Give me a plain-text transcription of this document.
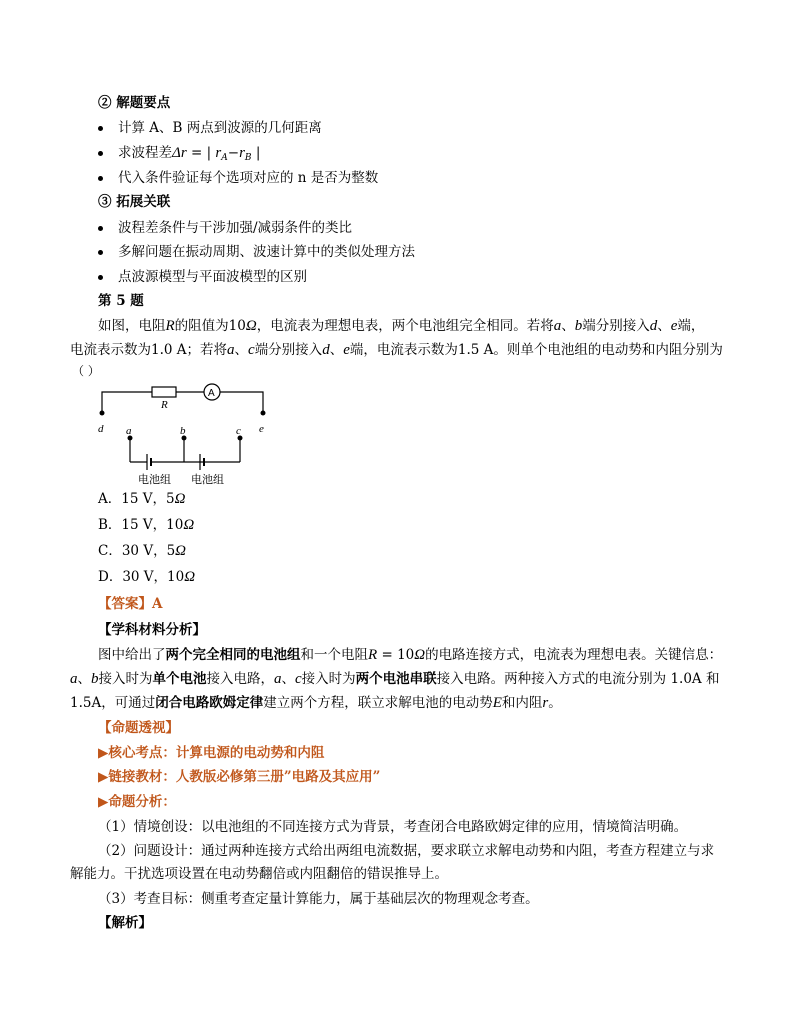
② 解题要点
计算 A、B 两点到波源的几何距离
求波程差Δr = | $r_A-r_B$ |
代入条件验证每个选项对应的 n 是否为整数
③ 拓展关联
波程差条件与干涉加强/减弱条件的类比
多解问题在振动周期、波速计算中的类似处理方法
点波源模型与平面波模型的区别
第 5 题
如图，电阻R的阻值为10Ω，电流表为理想电表，两个电池组完全相同。若将a、b端分别接入d、e端，
电流表示数为1.0 A；若将a、c端分别接入d、e端，电流表示数为1.5 A。则单个电池组的电动势和内阻分别为
（ ）
R
d	e
a	b	c
A
电池组 电池组
A．15 V，5Ω
B．15 V，10Ω
C．30 V，5Ω
D．30 V，10Ω
【答案】A
【学科材料分析】
图中给出了两个完全相同的电池组和一个电阻R = 10Ω的电路连接方式，电流表为理想电表。关键信息：
a、b接入时为单个电池接入电路，a、c接入时为两个电池串联接入电路。两种接入方式的电流分别为 1.0A 和
1.5A，可通过闭合电路欧姆定律建立两个方程，联立求解电池的电动势E和内阻r。
【命题透视】
▶核心考点：计算电源的电动势和内阻
▶链接教材：人教版必修第三册”电路及其应用”
▶命题分析：
（1）情境创设：以电池组的不同连接方式为背景，考查闭合电路欧姆定律的应用，情境简洁明确。
（2）问题设计：通过两种连接方式给出两组电流数据，要求联立求解电动势和内阻，考查方程建立与求
解能力。干扰选项设置在电动势翻倍或内阻翻倍的错误推导上。
（3）考查目标：侧重考查定量计算能力，属于基础层次的物理观念考查。
【解析】
